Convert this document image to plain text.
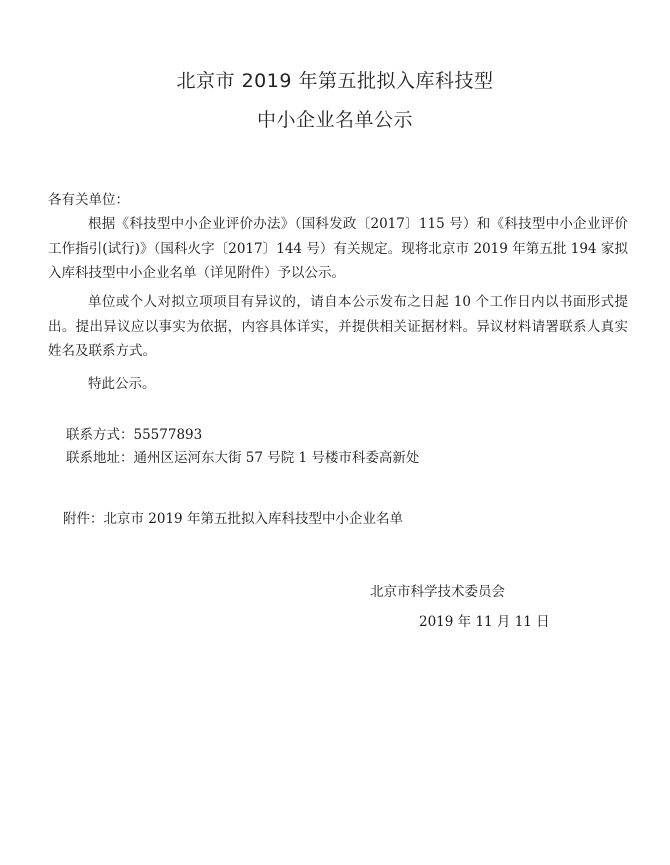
北京市 2019 年第五批拟入库科技型
中小企业名单公示
各有关单位：
根据《科技型中小企业评价办法》（国科发政〔2017〕115 号）和《科技型中小企业评价工作指引(试行)》（国科火字〔2017〕144 号）有关规定。现将北京市 2019 年第五批 194 家拟入库科技型中小企业名单（详见附件）予以公示。
单位或个人对拟立项项目有异议的，请自本公示发布之日起 10 个工作日内以书面形式提出。提出异议应以事实为依据，内容具体详实，并提供相关证据材料。异议材料请署联系人真实姓名及联系方式。
特此公示。
联系方式：55577893
联系地址：通州区运河东大街 57 号院 1 号楼市科委高新处
附件：北京市 2019 年第五批拟入库科技型中小企业名单
北京市科学技术委员会
2019 年 11 月 11 日
